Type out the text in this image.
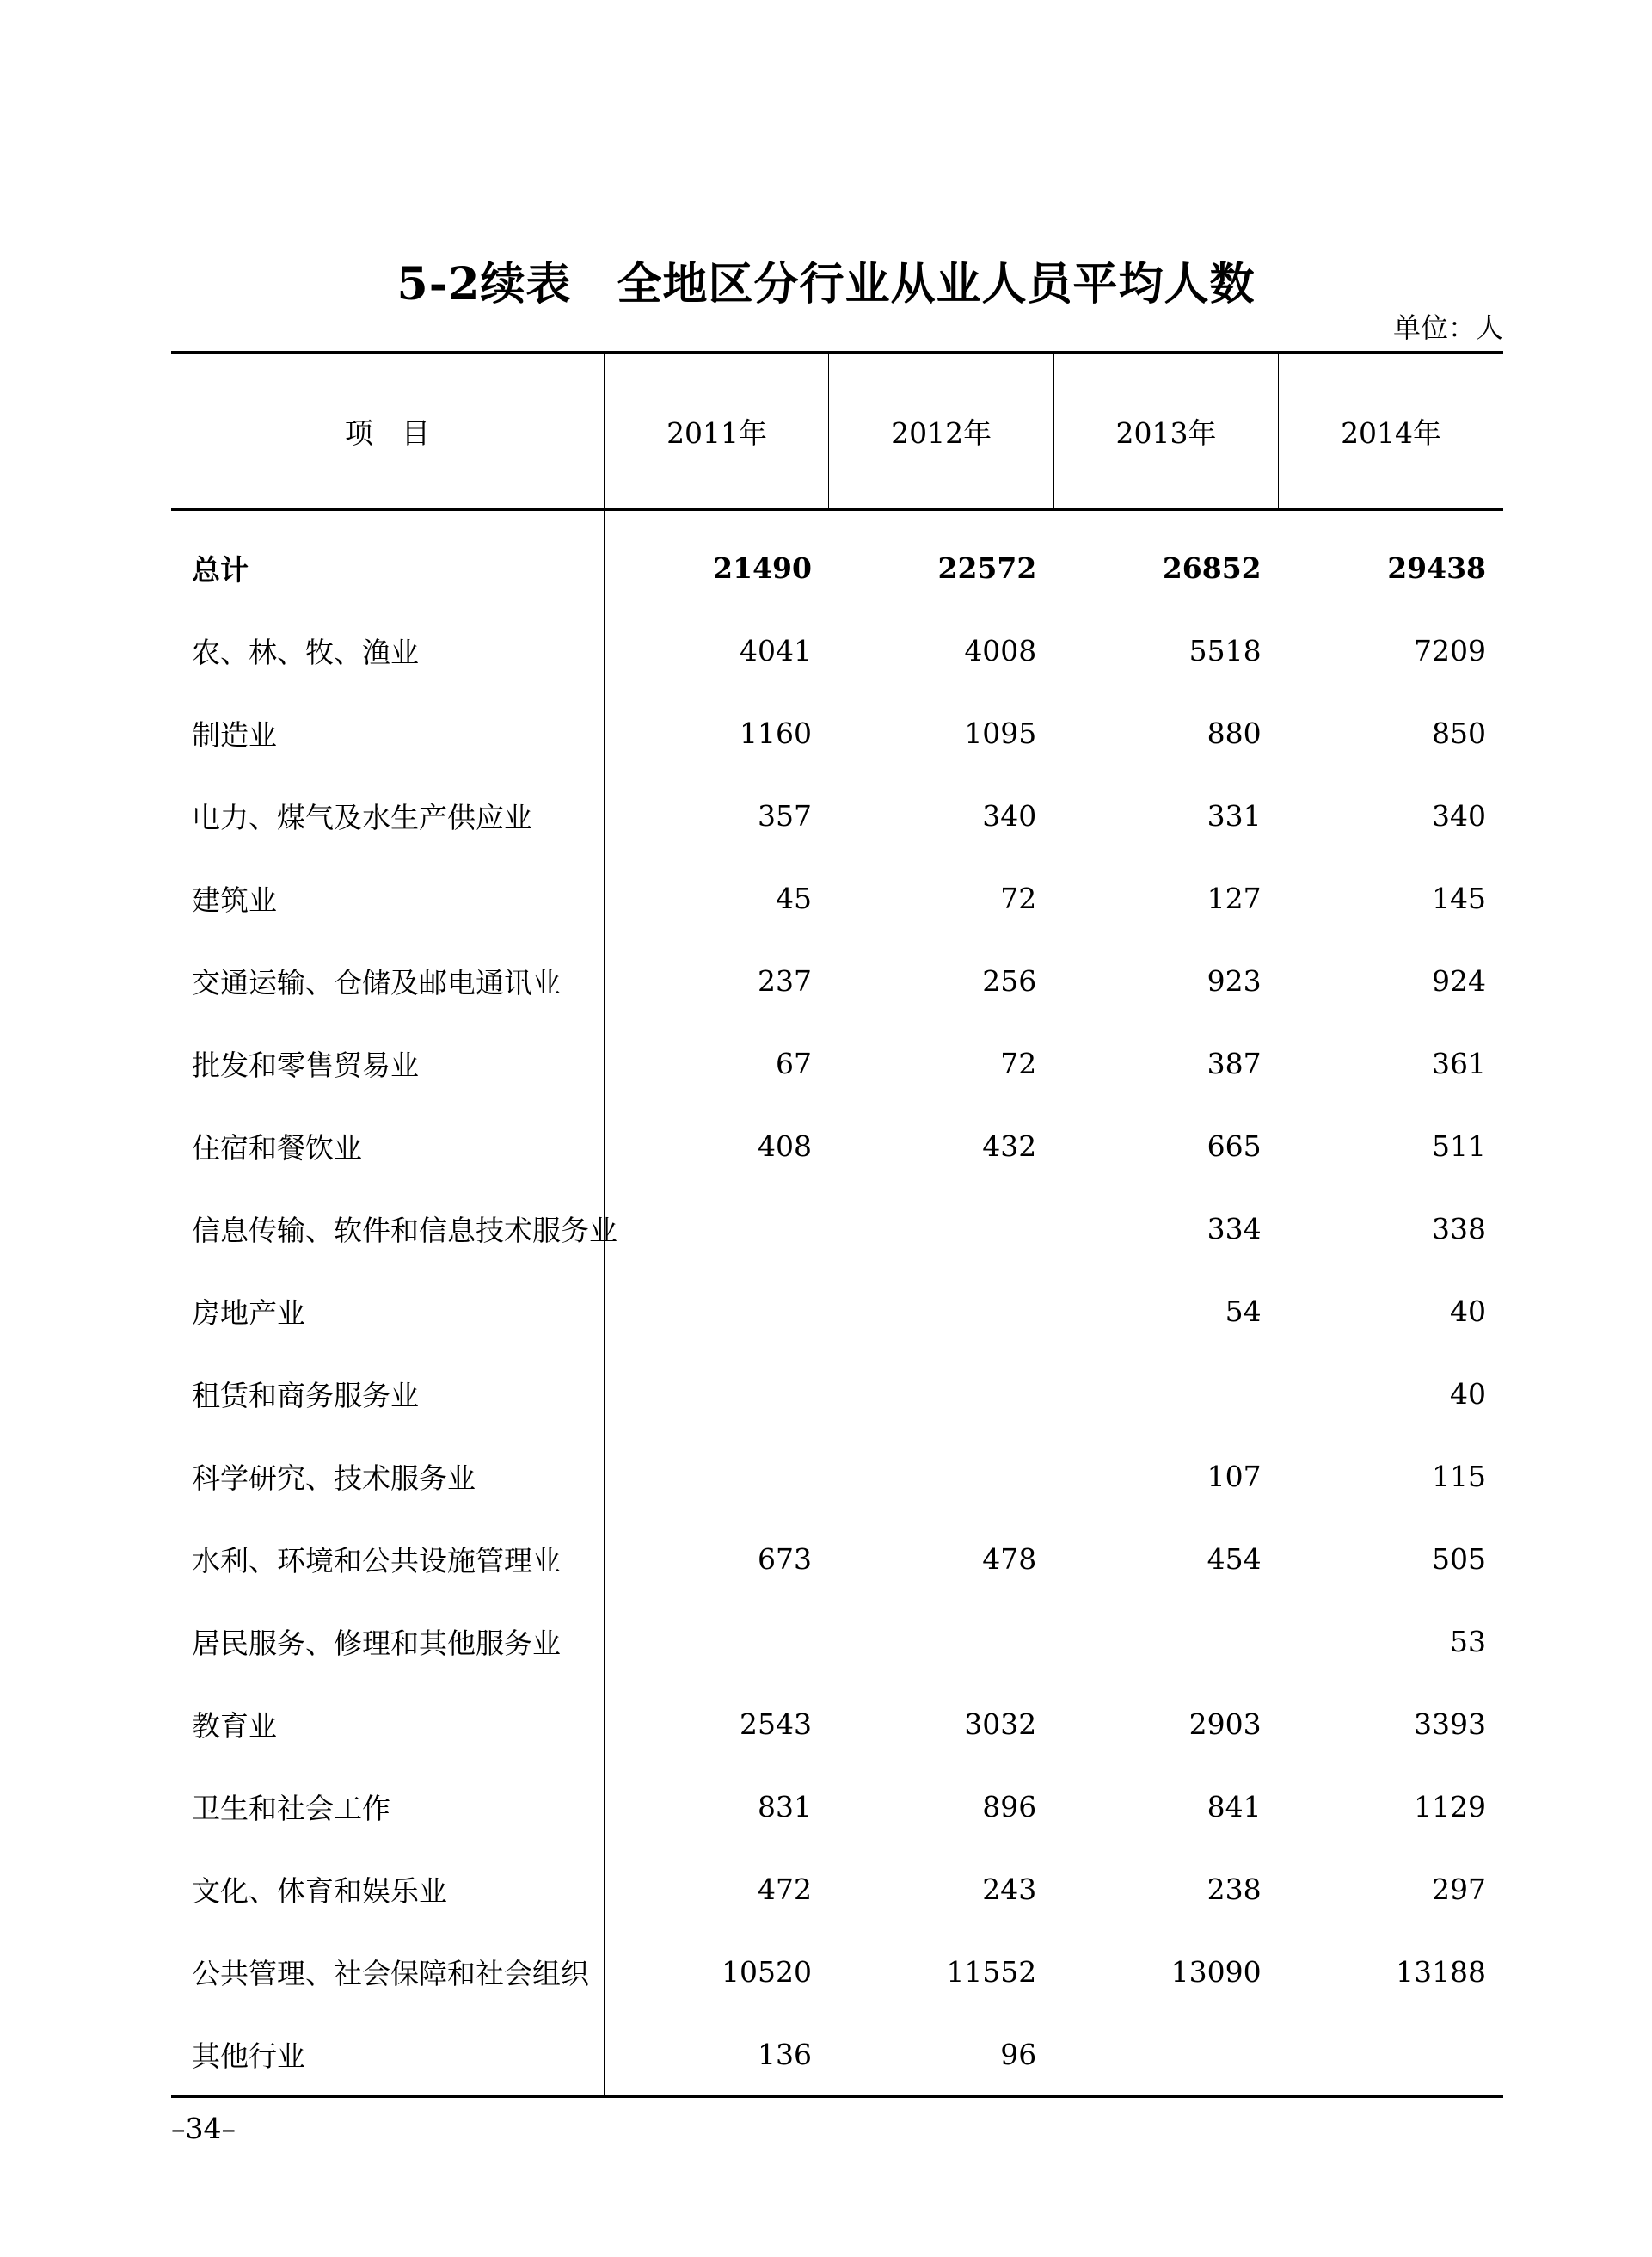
5-2续表　全地区分行业从业人员平均人数
单位：人
项　目	2011年	2012年	2013年	2014年
总计	21490	22572	26852	29438
农、林、牧、渔业	4041	4008	5518	7209
制造业	1160	1095	880	850
电力、煤气及水生产供应业	357	340	331	340
建筑业	45	72	127	145
交通运输、仓储及邮电通讯业	237	256	923	924
批发和零售贸易业	67	72	387	361
住宿和餐饮业	408	432	665	511
信息传输、软件和信息技术服务业			334	338
房地产业			54	40
租赁和商务服务业				40
科学研究、技术服务业			107	115
水利、环境和公共设施管理业	673	478	454	505
居民服务、修理和其他服务业				53
教育业	2543	3032	2903	3393
卫生和社会工作	831	896	841	1129
文化、体育和娱乐业	472	243	238	297
公共管理、社会保障和社会组织	10520	11552	13090	13188
其他行业	136	96		
–34–
